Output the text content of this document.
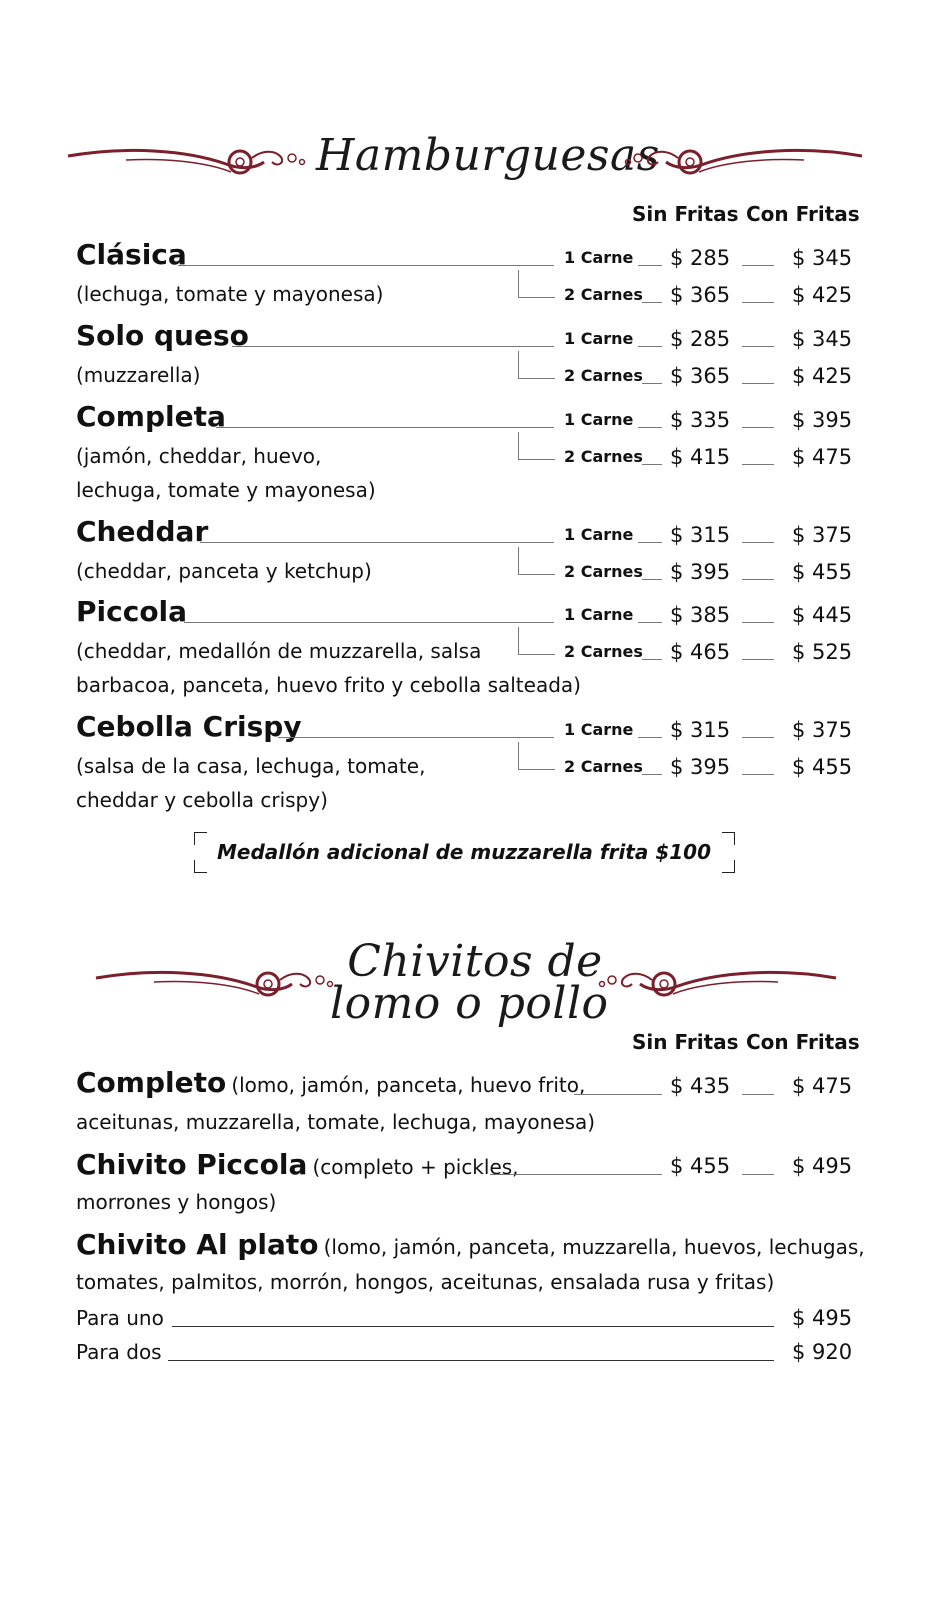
Hamburguesas
Sin Fritas Con Fritas
Clásica
(lechuga, tomate y mayonesa)
1 Carne $ 285	$ 345
2 Carnes $ 365	$ 425
Solo queso
(muzzarella)
1 Carne $ 285	$ 345
2 Carnes $ 365	$ 425
Completa
(jamón, cheddar, huevo,
lechuga, tomate y mayonesa)
1 Carne $ 335	$ 395
2 Carnes $ 415	$ 475
Cheddar
(cheddar, panceta y ketchup)
1 Carne $ 315	$ 375
2 Carnes $ 395	$ 455
Piccola
(cheddar, medallón de muzzarella, salsa
barbacoa, panceta, huevo frito y cebolla salteada)
1 Carne $ 385	$ 445
2 Carnes $ 465	$ 525
Cebolla Crispy
(salsa de la casa, lechuga, tomate,
cheddar y cebolla crispy)
1 Carne $ 315	$ 375
2 Carnes $ 395	$ 455
Medallón adicional de muzzarella frita $100
Chivitos de
lomo o pollo
Sin Fritas Con Fritas
Completo (lomo, jamón, panceta, huevo frito,	$ 435	$ 475
aceitunas, muzzarella, tomate, lechuga, mayonesa)
Chivito Piccola (completo + pickles,	$ 455	$ 495
morrones y hongos)
Chivito Al plato (lomo, jamón, panceta, muzzarella, huevos, lechugas,
tomates, palmitos, morrón, hongos, aceitunas, ensalada rusa y fritas)
Para uno	$ 495
Para dos	$ 920
